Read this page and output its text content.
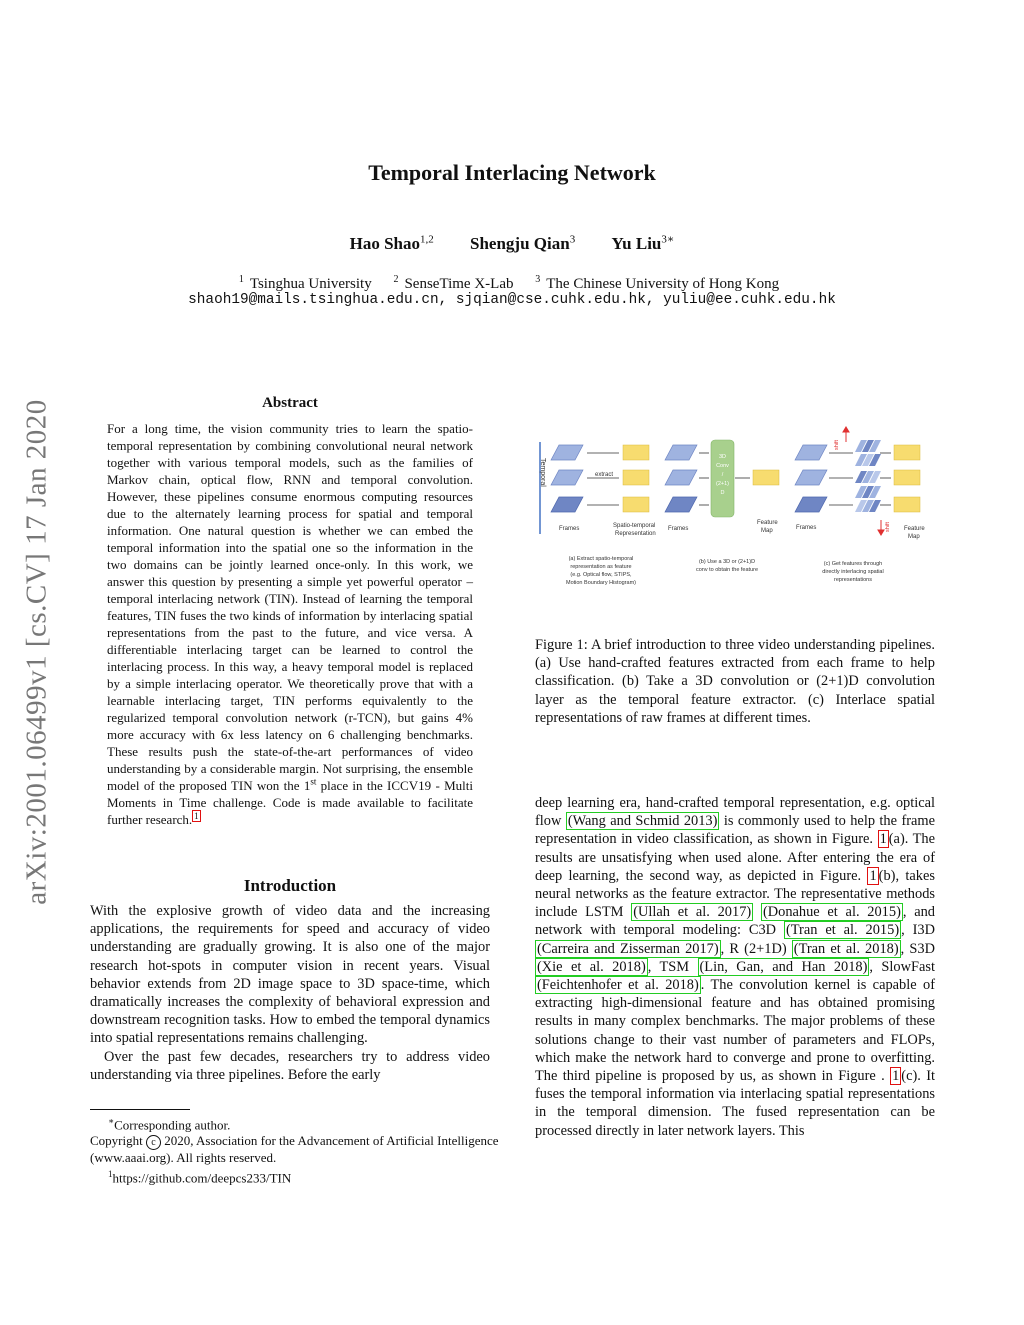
Temporal Interlacing Network
Hao Shao$^{1,2}$ Shengju Qian$^3$ Yu Liu$^{3∗}$
$^1$ Tsinghua University $^2$ SenseTime X-Lab $^3$ The Chinese University of Hong Kong
shaoh19@mails.tsinghua.edu.cn, sjqian@cse.cuhk.edu.hk, yuliu@ee.cuhk.edu.hk
arXiv:2001.06499v1 [cs.CV] 17 Jan 2020	Abstract
For a long time, the vision community tries to learn the spatio-temporal representation by combining convolutional neural network together with various temporal models, such as the families of Markov chain, optical flow, RNN and temporal convolution. However, these pipelines consume enormous computing resources due to the alternately learning process for spatial and temporal information. One natural question is whether we can embed the temporal information into the spatial one so the information in the two domains can be jointly learned once-only. In this work, we answer this question by presenting a simple yet powerful operator – temporal interlacing network (TIN). Instead of learning the temporal features, TIN fuses the two kinds of information by interlacing spatial representations from the past to the future, and vice versa. A differentiable interlacing target can be learned to control the interlacing process. In this way, a heavy temporal model is replaced by a simple interlacing operator. We theoretically prove that with a learnable interlacing target, TIN performs equivalently to the regularized temporal convolution network (r-TCN), but gains 4% more accuracy with 6x less latency on 6 challenging benchmarks. These results push the state-of-the-art performances of video understanding by a considerable margin. Not surprising, the ensemble model of the proposed TIN won the 1st place in the ICCV19 - Multi Moments in Time challenge. Code is made available to facilitate further research. $^1$
Introduction

With the explosive growth of video data and the increasing applications, the requirements for speed and accuracy of video understanding are gradually growing. It is also one of the major research hot-spots in computer vision in recent years. Visual behavior extends from 2D image space to 3D space-time, which dramatically increases the complexity of behavioral expression and downstream recognition tasks. How to embed the temporal dynamics into spatial representations remains challenging.

Over the past few decades, researchers try to address video understanding via three pipelines. Before the early

∗Corresponding author.
Copyright c 2020, Association for the Advancement of Artificial Intelligence (www.aaai.org). All rights reserved.
$^1$https://github.com/deepcs233/TIN
Temporal	extract
Frames	Spatio-temporal
Representation
3D
Conv
/
(2+1)
D
Frames
Feature
Map
shift
shift
Frames	Feature
Map
(a) Extract spatio-temporal
representation as feature
(e.g. Optical flow, STIPS,
Motion Boundary Histogram)
(b) Use a 3D or (2+1)D
conv to obtain the feature
(c) Get features through
directly interlacing spatial
representations
Figure 1: A brief introduction to three video understanding pipelines. (a) Use hand-crafted features extracted from each frame to help classification. (b) Take a 3D convolution or (2+1)D convolution layer as the temporal feature extractor. (c) Interlace spatial representations of raw frames at different times.
deep learning era, hand-crafted temporal representation, e.g. optical flow (Wang and Schmid 2013) is commonly used to help the frame representation in video classification, as shown in Figure. 1 (a). The results are unsatisfying when used alone. After entering the era of deep learning, the second way, as depicted in Figure. 1 (b), takes neural networks as the feature extractor. The representative methods include LSTM (Ullah et al. 2017) (Donahue et al. 2015) , and network with temporal modeling: C3D (Tran et al. 2015) , I3D (Carreira and Zisserman 2017) , R (2+1D) (Tran et al. 2018) , S3D (Xie et al. 2018) , TSM (Lin, Gan, and Han 2018) , SlowFast (Feichtenhofer et al. 2018) . The convolution kernel is capable of extracting high-dimensional feature and has obtained promising results in many complex benchmarks. The major problems of these solutions change to their vast number of parameters and FLOPs, which make the network hard to converge and prone to overfitting. The third pipeline is proposed by us, as shown in Figure . 1 (c). It fuses the temporal information via interlacing spatial representations in the temporal dimension. The fused representation can be processed directly in later network layers. This
